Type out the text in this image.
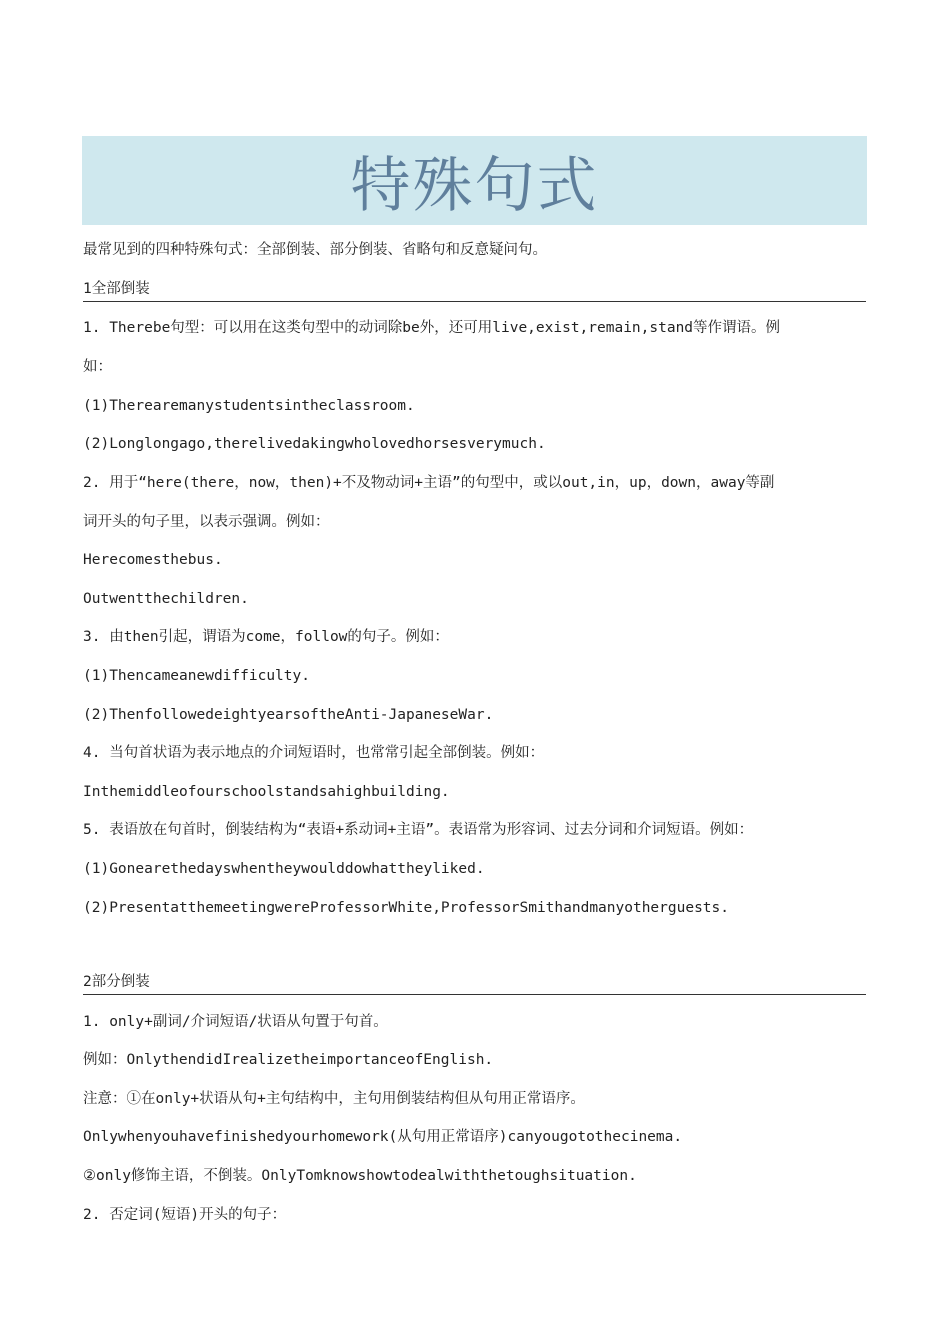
特殊句式
最常见到的四种特殊句式：全部倒装、部分倒装、省略句和反意疑问句。
1全部倒装
1. Therebe句型：可以用在这类句型中的动词除be外，还可用live,exist,remain,stand等作谓语。例
如：
(1)Therearemanystudentsintheclassroom.
(2)Longlongago,therelivedakingwholovedhorsesverymuch.
2. 用于“here(there，now，then)+不及物动词+主语”的句型中，或以out,in，up，down，away等副
词开头的句子里，以表示强调。例如：
Herecomesthebus.
Outwentthechildren.
3. 由then引起，谓语为come，follow的句子。例如：
(1)Thencameanewdifficulty.
(2)ThenfollowedeightyearsoftheAnti-JapaneseWar.
4. 当句首状语为表示地点的介词短语时，也常常引起全部倒装。例如：
Inthemiddleofourschoolstandsahighbuilding.
5. 表语放在句首时，倒装结构为“表语+系动词+主语”。表语常为形容词、过去分词和介词短语。例如：
(1)Gonearethedayswhentheywoulddowhattheyliked.
(2)PresentatthemeetingwereProfessorWhite,ProfessorSmithandmanyotherguests.
2部分倒装
1. only+副词/介词短语/状语从句置于句首。
例如：OnlythendidIrealizetheimportanceofEnglish.
注意：①在only+状语从句+主句结构中，主句用倒装结构但从句用正常语序。
Onlywhenyouhavefinishedyourhomework(从句用正常语序)canyougotothecinema.
②only修饰主语，不倒装。OnlyTomknowshowtodealwiththetoughsituation.
2. 否定词(短语)开头的句子：
